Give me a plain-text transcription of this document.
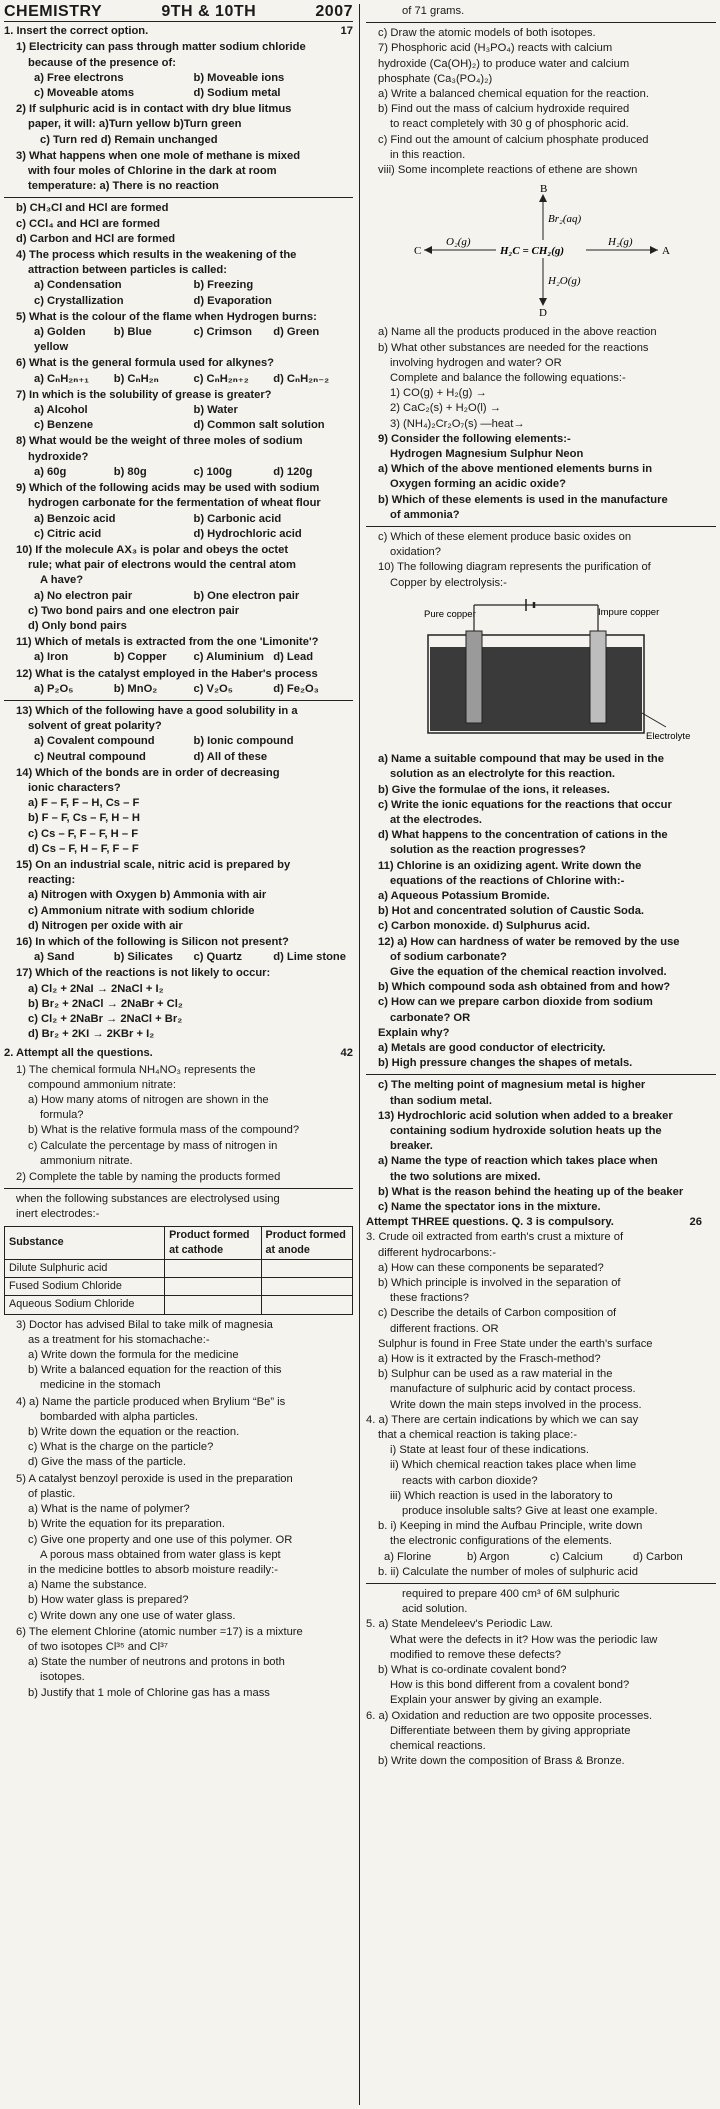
CHEMISTRY	9TH & 10TH	2007
1. Insert the correct option.	17
1) Electricity can pass through matter sodium chloride
because of the presence of:
a) Free electrons	b) Moveable ions
c) Moveable atoms	d) Sodium metal
2) If sulphuric acid is in contact with dry blue litmus
paper, it will: a)Turn yellow b)Turn green
c) Turn red d) Remain unchanged
3) What happens when one mole of methane is mixed
with four moles of Chlorine in the dark at room
temperature: a) There is no reaction
b) CH₃Cl and HCl are formed
c) CCl₄ and HCl are formed
d) Carbon and HCl are formed
4) The process which results in the weakening of the
attraction between particles is called:
a) Condensation	b) Freezing
c) Crystallization	d) Evaporation
5) What is the colour of the flame when Hydrogen burns:
a) Golden yellow
b) Blue	c) Crimson	d) Green
6) What is the general formula used for alkynes?
a) CₙH₂ₙ₊₁	b) CₙH₂ₙ	c) CₙH₂ₙ₊₂	d) CₙH₂ₙ₋₂
7) In which is the solubility of grease is greater?
a) Alcohol	b) Water
c) Benzene	d) Common salt solution
8) What would be the weight of three moles of sodium
hydroxide?
a) 60g	b) 80g	c) 100g	d) 120g
9) Which of the following acids may be used with sodium
hydrogen carbonate for the fermentation of wheat flour
a) Benzoic acid	b) Carbonic acid
c) Citric acid	d) Hydrochloric acid
10) If the molecule AX₃ is polar and obeys the octet
rule; what pair of electrons would the central atom
A have?
a) No electron pair	b) One electron pair
c) Two bond pairs and one electron pair
d) Only bond pairs
11) Which of metals is extracted from the one 'Limonite'?
a) Iron	b) Copper	c) Aluminium d) Lead
12) What is the catalyst employed in the Haber's process
a) P₂O₅	b) MnO₂	c) V₂O₅	d) Fe₂O₃
13) Which of the following have a good solubility in a
solvent of great polarity?
a) Covalent compound	b) Ionic compound
c) Neutral compound	d) All of these
14) Which of the bonds are in order of decreasing
ionic characters?
a) F – F, F – H, Cs – F
b) F – F, Cs – F, H – H
c) Cs – F, F – F, H – F
d) Cs – F, H – F, F – F
15) On an industrial scale, nitric acid is prepared by
reacting:
a) Nitrogen with Oxygen b) Ammonia with air
c) Ammonium nitrate with sodium chloride
d) Nitrogen per oxide with air
16) In which of the following is Silicon not present?
a) Sand	b) Silicates	c) Quartz	d) Lime stone
17) Which of the reactions is not likely to occur:
a) Cl₂ + 2NaI → 2NaCl + I₂
b) Br₂ + 2NaCl → 2NaBr + Cl₂
c) Cl₂ + 2NaBr → 2NaCl + Br₂
d) Br₂ + 2KI → 2KBr + I₂
2. Attempt all the questions.	42
1) The chemical formula NH₄NO₃ represents the
compound ammonium nitrate:
a) How many atoms of nitrogen are shown in the
formula?
b) What is the relative formula mass of the compound?
c) Calculate the percentage by mass of nitrogen in
ammonium nitrate.
2) Complete the table by naming the products formed
when the following substances are electrolysed using
inert electrodes:-
Substance	Product formed at cathode	Product formed at anode
Dilute Sulphuric acid		
Fused Sodium Chloride		
Aqueous Sodium Chloride		
3) Doctor has advised Bilal to take milk of magnesia
as a treatment for his stomachache:-
a) Write down the formula for the medicine
b) Write a balanced equation for the reaction of this
medicine in the stomach
4) a) Name the particle produced when Brylium “Be” is
bombarded with alpha particles.
b) Write down the equation or the reaction.
c) What is the charge on the particle?
d) Give the mass of the particle.
5) A catalyst benzoyl peroxide is used in the preparation
of plastic.
a) What is the name of polymer?
b) Write the equation for its preparation.
c) Give one property and one use of this polymer. OR
A porous mass obtained from water glass is kept
in the medicine bottles to absorb moisture readily:-
a) Name the substance.
b) How water glass is prepared?
c) Write down any one use of water glass.
6) The element Chlorine (atomic number =17) is a mixture
of two isotopes Cl³⁵ and Cl³⁷
a) State the number of neutrons and protons in both
isotopes.
b) Justify that 1 mole of Chlorine gas has a mass
of 71 grams.
c) Draw the atomic models of both isotopes.
7) Phosphoric acid (H₃PO₄) reacts with calcium
hydroxide (Ca(OH)₂) to produce water and calcium
phosphate (Ca₃(PO₄)₂)
a) Write a balanced chemical equation for the reaction.
b) Find out the mass of calcium hydroxide required
to react completely with 30 g of phosphoric acid.
c) Find out the amount of calcium phosphate produced
in this reaction.
viii) Some incomplete reactions of ethene are shown
B
Br₂(aq)
C
O₂(g)
H₂C = CH₂(g)
H₂(g)
A
H₂O(g)
D
a) Name all the products produced in the above reaction
b) What other substances are needed for the reactions
involving hydrogen and water? OR
Complete and balance the following equations:-
1) CO(g) + H₂(g) →
2) CaC₂(s) + H₂O(l) →
3) (NH₄)₂Cr₂O₇(s) —heat→
9) Consider the following elements:-
Hydrogen Magnesium Sulphur Neon
a) Which of the above mentioned elements burns in
Oxygen forming an acidic oxide?
b) Which of these elements is used in the manufacture
of ammonia?
c) Which of these element produce basic oxides on
oxidation?
10) The following diagram represents the purification of
Copper by electrolysis:-
Pure copper	Impure copper
Electrolyte
a) Name a suitable compound that may be used in the
solution as an electrolyte for this reaction.
b) Give the formulae of the ions, it releases.
c) Write the ionic equations for the reactions that occur
at the electrodes.
d) What happens to the concentration of cations in the
solution as the reaction progresses?
11) Chlorine is an oxidizing agent. Write down the
equations of the reactions of Chlorine with:-
a) Aqueous Potassium Bromide.
b) Hot and concentrated solution of Caustic Soda.
c) Carbon monoxide. d) Sulphurus acid.
12) a) How can hardness of water be removed by the use
of sodium carbonate?
Give the equation of the chemical reaction involved.
b) Which compound soda ash obtained from and how?
c) How can we prepare carbon dioxide from sodium
carbonate? OR
Explain why?
a) Metals are good conductor of electricity.
b) High pressure changes the shapes of metals.
c) The melting point of magnesium metal is higher
than sodium metal.
13) Hydrochloric acid solution when added to a breaker
containing sodium hydroxide solution heats up the
breaker.
a) Name the type of reaction which takes place when
the two solutions are mixed.
b) What is the reason behind the heating up of the beaker
c) Name the spectator ions in the mixture.
Attempt THREE questions. Q. 3 is compulsory.	26
3. Crude oil extracted from earth's crust a mixture of
different hydrocarbons:-
a) How can these components be separated?
b) Which principle is involved in the separation of
these fractions?
c) Describe the details of Carbon composition of
different fractions. OR
Sulphur is found in Free State under the earth's surface
a) How is it extracted by the Frasch-method?
b) Sulphur can be used as a raw material in the
manufacture of sulphuric acid by contact process.
Write down the main steps involved in the process.
4. a) There are certain indications by which we can say
that a chemical reaction is taking place:-
i) State at least four of these indications.
ii) Which chemical reaction takes place when lime
reacts with carbon dioxide?
iii) Which reaction is used in the laboratory to
produce insoluble salts? Give at least one example.
b. i) Keeping in mind the Aufbau Principle, write down
the electronic configurations of the elements.
a) Florine	b) Argon	c) Calcium	d) Carbon
b. ii) Calculate the number of moles of sulphuric acid
required to prepare 400 cm³ of 6M sulphuric
acid solution.
5. a) State Mendeleev's Periodic Law.
What were the defects in it? How was the periodic law
modified to remove these defects?
b) What is co-ordinate covalent bond?
How is this bond different from a covalent bond?
Explain your answer by giving an example.
6. a) Oxidation and reduction are two opposite processes.
Differentiate between them by giving appropriate
chemical reactions.
b) Write down the composition of Brass & Bronze.
